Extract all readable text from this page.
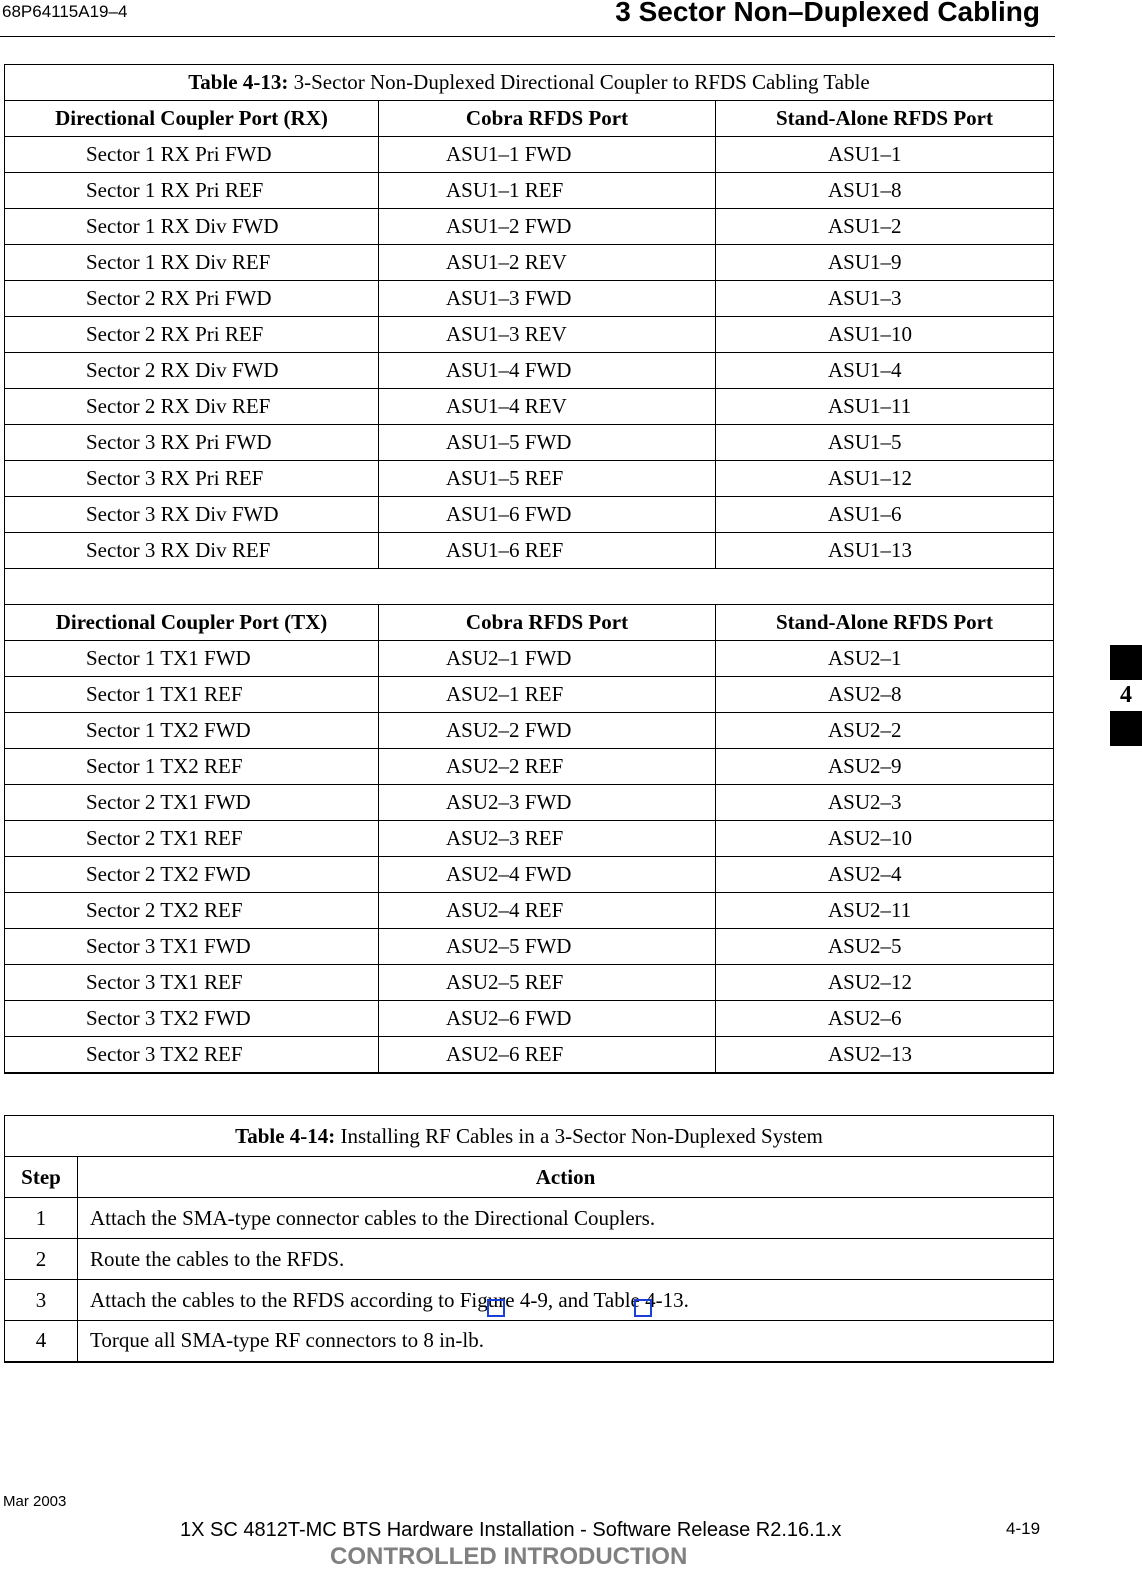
68P64115A19–4	3 Sector Non–Duplexed Cabling
Table 4-13: 3-Sector Non-Duplexed Directional Coupler to RFDS Cabling Table		
Directional Coupler Port (RX)	Cobra RFDS Port	Stand-Alone RFDS Port
Sector 1 RX Pri FWD	ASU1–1 FWD	ASU1–1
Sector 1 RX Pri REF	ASU1–1 REF	ASU1–8
Sector 1 RX Div FWD	ASU1–2 FWD	ASU1–2
Sector 1 RX Div REF	ASU1–2 REV	ASU1–9
Sector 2 RX Pri FWD	ASU1–3 FWD	ASU1–3
Sector 2 RX Pri REF	ASU1–3 REV	ASU1–10
Sector 2 RX Div FWD	ASU1–4 FWD	ASU1–4
Sector 2 RX Div REF	ASU1–4 REV	ASU1–11
Sector 3 RX Pri FWD	ASU1–5 FWD	ASU1–5
Sector 3 RX Pri REF	ASU1–5 REF	ASU1–12
Sector 3 RX Div FWD	ASU1–6 FWD	ASU1–6
Sector 3 RX Div REF	ASU1–6 REF	ASU1–13

Directional Coupler Port (TX)	Cobra RFDS Port	Stand-Alone RFDS Port
Sector 1 TX1 FWD	ASU2–1 FWD	ASU2–1
Sector 1 TX1 REF	ASU2–1 REF	ASU2–8
Sector 1 TX2 FWD	ASU2–2 FWD	ASU2–2
Sector 1 TX2 REF	ASU2–2 REF	ASU2–9
Sector 2 TX1 FWD	ASU2–3 FWD	ASU2–3
Sector 2 TX1 REF	ASU2–3 REF	ASU2–10
Sector 2 TX2 FWD	ASU2–4 FWD	ASU2–4
Sector 2 TX2 REF	ASU2–4 REF	ASU2–11
Sector 3 TX1 FWD	ASU2–5 FWD	ASU2–5
Sector 3 TX1 REF	ASU2–5 REF	ASU2–12
Sector 3 TX2 FWD	ASU2–6 FWD	ASU2–6
Sector 3 TX2 REF	ASU2–6 REF	ASU2–13
Table 4-14: Installing RF Cables in a 3-Sector Non-Duplexed System	
Step	Action
1	Attach the SMA-type connector cables to the Directional Couplers.
2	Route the cables to the RFDS.
3	Attach the cables to the RFDS according to Figure 4-9, and Table 4-13.
4	Torque all SMA-type RF connectors to 8 in-lb.
4
Mar 2003
1X SC 4812T-MC BTS Hardware Installation - Software Release R2.16.1.x	4-19
CONTROLLED INTRODUCTION
